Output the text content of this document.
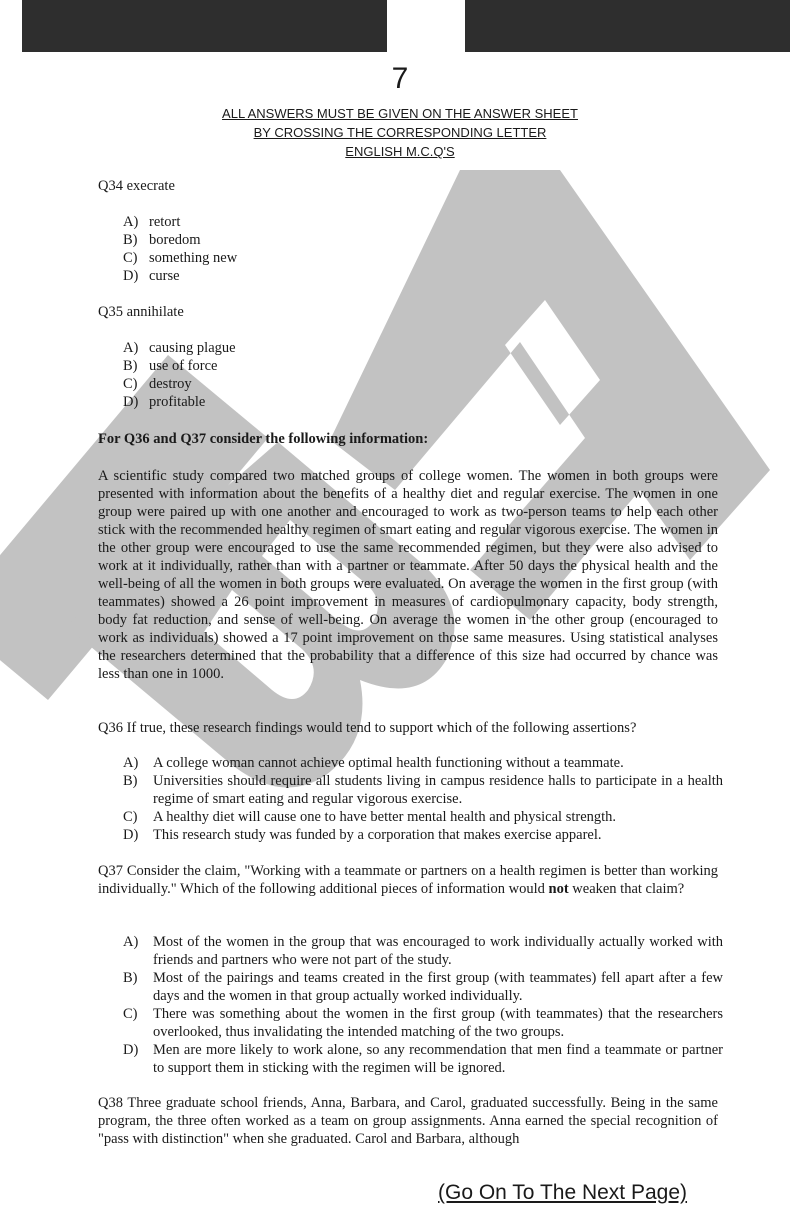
7
ALL ANSWERS MUST BE GIVEN ON THE ANSWER SHEET
BY CROSSING THE CORRESPONDING LETTER
ENGLISH M.C.Q'S
Q34 execrate
A) retort
B) boredom
C) something new
D) curse
Q35 annihilate
A) causing plague
B) use of force
C) destroy
D) profitable
For Q36 and Q37 consider the following information:
A scientific study compared two matched groups of college women. The women in both groups were presented with information about the benefits of a healthy diet and regular exercise. The women in one group were paired up with one another and encouraged to work as two-person teams to help each other stick with the recommended healthy regimen of smart eating and regular vigorous exercise. The women in the other group were encouraged to use the same recommended regimen, but they were also advised to work at it individually, rather than with a partner or teammate. After 50 days the physical health and the well-being of all the women in both groups were evaluated. On average the women in the first group (with teammates) showed a 26 point improvement in measures of cardiopulmonary capacity, body strength, body fat reduction, and sense of well-being. On average the women in the other group (encouraged to work as individuals) showed a 17 point improvement on those same measures. Using statistical analyses the researchers determined that the probability that a difference of this size had occurred by chance was less than one in 1000.
Q36 If true, these research findings would tend to support which of the following assertions?
A) A college woman cannot achieve optimal health functioning without a teammate.
B) Universities should require all students living in campus residence halls to participate in a health regime of smart eating and regular vigorous exercise.
C) A healthy diet will cause one to have better mental health and physical strength.
D) This research study was funded by a corporation that makes exercise apparel.
Q37 Consider the claim, "Working with a teammate or partners on a health regimen is better than working individually." Which of the following additional pieces of information would not weaken that claim?
A) Most of the women in the group that was encouraged to work individually actually worked with friends and partners who were not part of the study.
B) Most of the pairings and teams created in the first group (with teammates) fell apart after a few days and the women in that group actually worked individually.
C) There was something about the women in the first group (with teammates) that the researchers overlooked, thus invalidating the intended matching of the two groups.
D) Men are more likely to work alone, so any recommendation that men find a teammate or partner to support them in sticking with the regimen will be ignored.
Q38 Three graduate school friends, Anna, Barbara, and Carol, graduated successfully. Being in the same program, the three often worked as a team on group assignments. Anna earned the special recognition of "pass with distinction" when she graduated. Carol and Barbara, although
(Go On To The Next Page)
